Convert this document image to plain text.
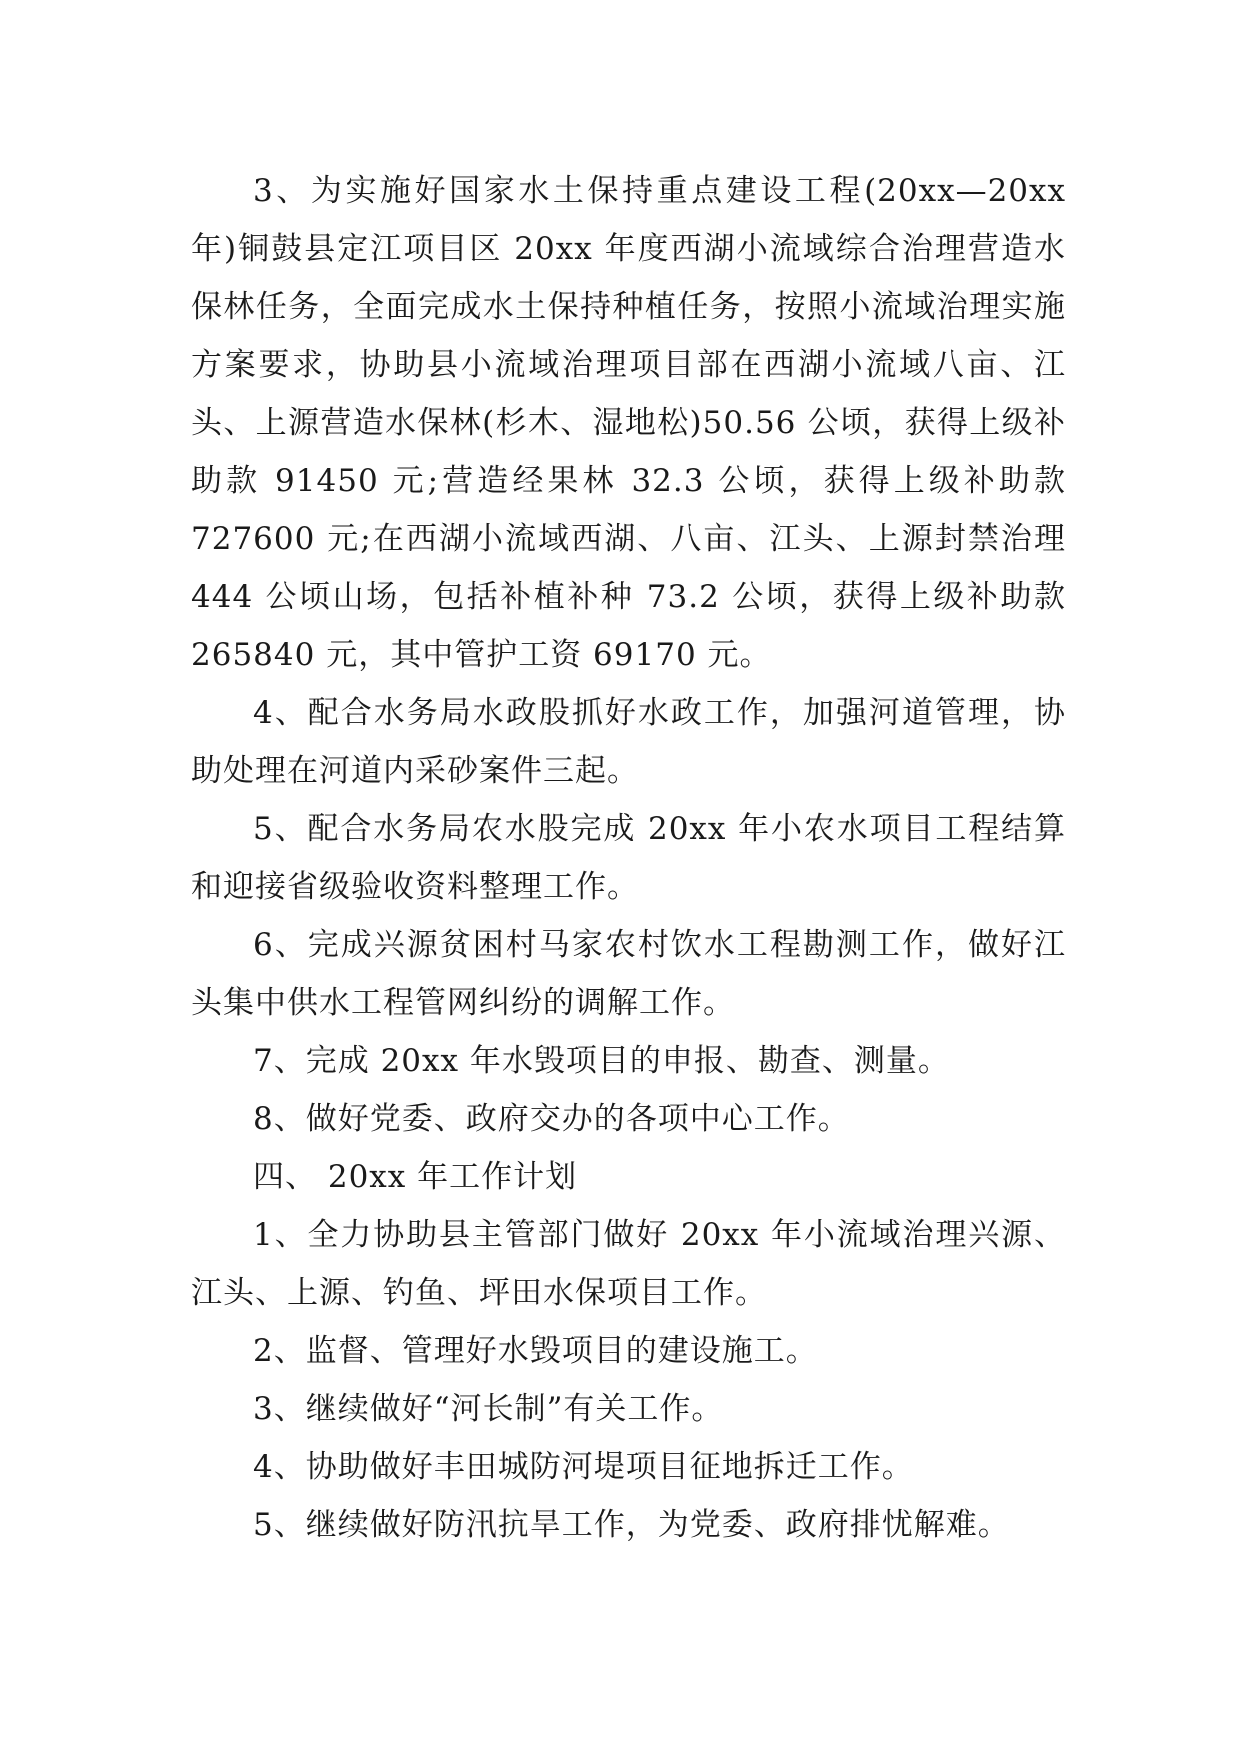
3、为实施好国家水土保持重点建设工程(20xx—20xx 年)铜鼓县定江项目区 20xx 年度西湖小流域综合治理营造水保林任务，全面完成水土保持种植任务，按照小流域治理实施方案要求，协助县小流域治理项目部在西湖小流域八亩、江头、上源营造水保林(杉木、湿地松)50.56 公顷，获得上级补助款 91450 元;营造经果林 32.3 公顷，获得上级补助款 727600 元;在西湖小流域西湖、八亩、江头、上源封禁治理 444 公顷山场，包括补植补种 73.2 公顷，获得上级补助款 265840 元，其中管护工资 69170 元。

4、配合水务局水政股抓好水政工作，加强河道管理，协助处理在河道内采砂案件三起。

5、配合水务局农水股完成 20xx 年小农水项目工程结算和迎接省级验收资料整理工作。

6、完成兴源贫困村马家农村饮水工程勘测工作，做好江头集中供水工程管网纠纷的调解工作。

7、完成 20xx 年水毁项目的申报、勘查、测量。

8、做好党委、政府交办的各项中心工作。

四、 20xx 年工作计划

1、全力协助县主管部门做好 20xx 年小流域治理兴源、江头、上源、钓鱼、坪田水保项目工作。

2、监督、管理好水毁项目的建设施工。

3、继续做好“河长制”有关工作。

4、协助做好丰田城防河堤项目征地拆迁工作。

5、继续做好防汛抗旱工作，为党委、政府排忧解难。
